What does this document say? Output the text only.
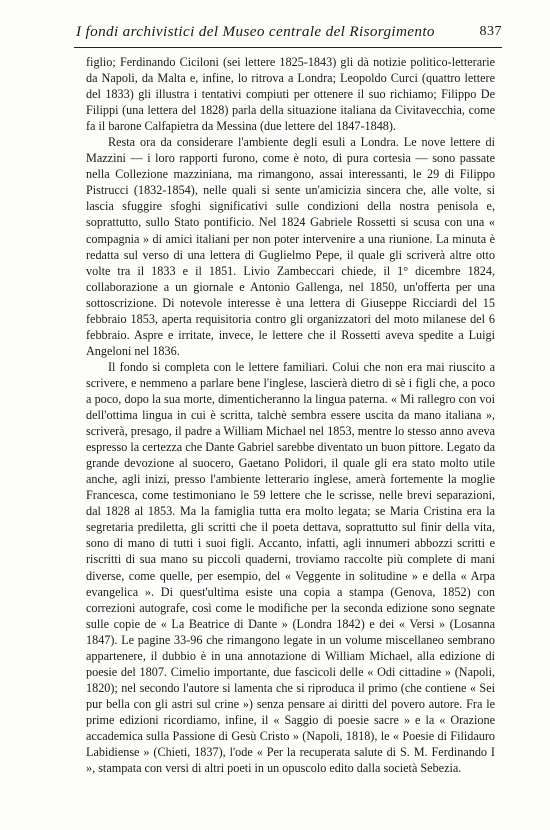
I fondi archivistici del Museo centrale del Risorgimento	837

figlio; Ferdinando Ciciloni (sei lettere 1825-1843) gli dà notizie politico-letterarie da Napoli, da Malta e, infine, lo ritrova a Londra; Leopoldo Curci (quattro lettere del 1833) gli illustra i tentativi compiuti per ottenere il suo richiamo; Filippo De Filippi (una lettera del 1828) parla della situazione italiana da Civitavecchia, come fa il barone Calfapietra da Messina (due lettere del 1847-1848).

Resta ora da considerare l'ambiente degli esuli a Londra. Le nove lettere di Mazzini — i loro rapporti furono, come è noto, di pura cortesia — sono passate nella Collezione mazziniana, ma rimangono, assai interessanti, le 29 di Filippo Pistrucci (1832-1854), nelle quali si sente un'amicizia sincera che, alle volte, si lascia sfuggire sfoghi significativi sulle condizioni della nostra penisola e, soprattutto, sullo Stato pontificio. Nel 1824 Gabriele Rossetti si scusa con una « compagnia » di amici italiani per non poter intervenire a una riunione. La minuta è redatta sul verso di una lettera di Guglielmo Pepe, il quale gli scriverà altre otto volte tra il 1833 e il 1851. Livio Zambeccari chiede, il 1° dicembre 1824, collaborazione a un giornale e Antonio Gallenga, nel 1850, un'offerta per una sottoscrizione. Di notevole interesse è una lettera di Giuseppe Ricciardi del 15 febbraio 1853, aperta requisitoria contro gli organizzatori del moto milanese del 6 febbraio. Aspre e irritate, invece, le lettere che il Rossetti aveva spedite a Luigi Angeloni nel 1836.

Il fondo si completa con le lettere familiari. Colui che non era mai riuscito a scrivere, e nemmeno a parlare bene l'inglese, lascierà dietro di sè i figli che, a poco a poco, dopo la sua morte, dimenticheranno la lingua paterna. « Mi rallegro con voi dell'ottima lingua in cui è scritta, talchè sembra essere uscita da mano italiana », scriverà, presago, il padre a William Michael nel 1853, mentre lo stesso anno aveva espresso la certezza che Dante Gabriel sarebbe diventato un buon pittore. Legato da grande devozione al suocero, Gaetano Polidori, il quale gli era stato molto utile anche, agli inizi, presso l'ambiente letterario inglese, amerà fortemente la moglie Francesca, come testimoniano le 59 lettere che le scrisse, nelle brevi separazioni, dal 1828 al 1853. Ma la famiglia tutta era molto legata; se Maria Cristina era la segretaria prediletta, gli scritti che il poeta dettava, soprattutto sul finir della vita, sono di mano di tutti i suoi figli. Accanto, infatti, agli innumeri abbozzi scritti e riscritti di sua mano su piccoli quaderni, troviamo raccolte più complete di mani diverse, come quelle, per esempio, del « Veggente in solitudine » e della « Arpa evangelica ». Di quest'ultima esiste una copia a stampa (Genova, 1852) con correzioni autografe, così come le modifiche per la seconda edizione sono segnate sulle copie de « La Beatrice di Dante » (Londra 1842) e dei « Versi » (Losanna 1847). Le pagine 33-96 che rimangono legate in un volume miscellaneo sembrano appartenere, il dubbio è in una annotazione di William Michael, alla edizione di poesie del 1807. Cimelio importante, due fascicoli delle « Odi cittadine » (Napoli, 1820); nel secondo l'autore si lamenta che si riproduca il primo (che contiene « Sei pur bella con gli astri sul crine ») senza pensare ai diritti del povero autore. Fra le prime edizioni ricordiamo, infine, il « Saggio di poesie sacre » e la « Orazione accademica sulla Passione di Gesù Cristo » (Napoli, 1818), le « Poesie di Filidauro Labidiense » (Chieti, 1837), l'ode « Per la recuperata salute di S. M. Ferdinando I », stampata con versi di altri poeti in un opuscolo edito dalla società Sebezia.
